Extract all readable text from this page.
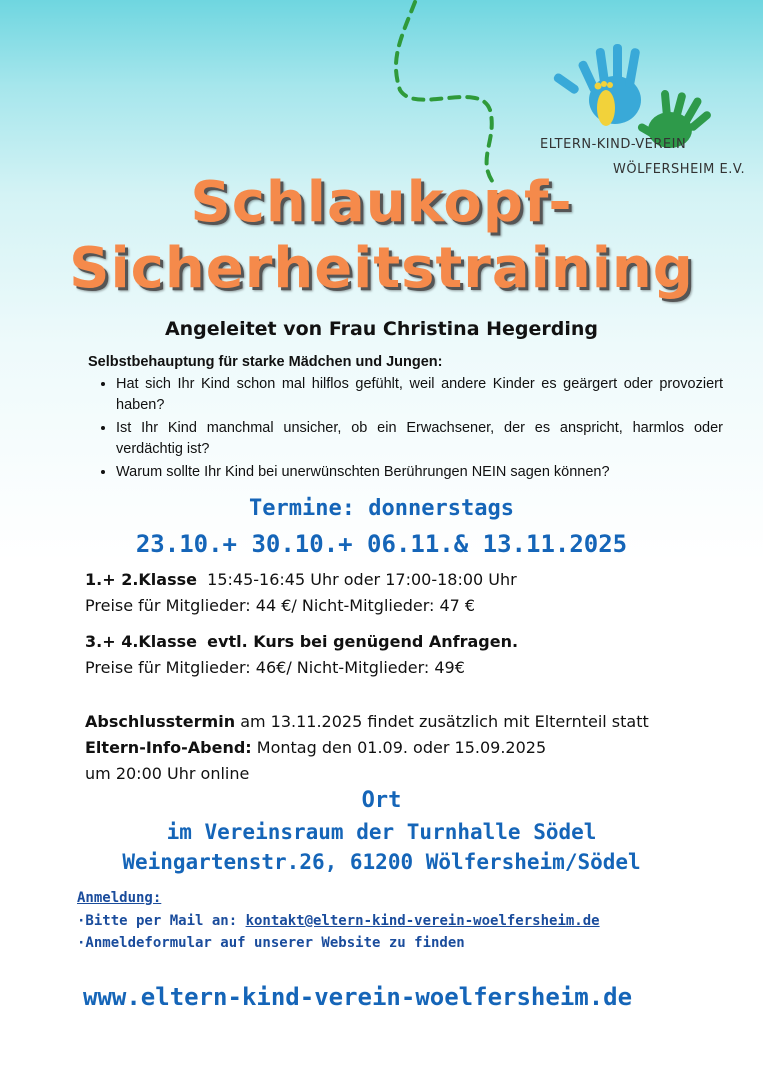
ELTERN-KIND-VEREIN
WÖLFERSHEIM E.V.
Schlaukopf-
Sicherheitstraining
Angeleitet von Frau Christina Hegerding
Selbstbehauptung für starke Mädchen und Jungen:
• Hat sich Ihr Kind schon mal hilflos gefühlt, weil andere Kinder es geärgert oder provoziert haben?
• Ist Ihr Kind manchmal unsicher, ob ein Erwachsener, der es anspricht, harmlos oder verdächtig ist?
• Warum sollte Ihr Kind bei unerwünschten Berührungen NEIN sagen können?
Termine: donnerstags
23.10.+ 30.10.+ 06.11.& 13.11.2025
1.+ 2.Klasse 15:45-16:45 Uhr oder 17:00-18:00 Uhr
Preise für Mitglieder: 44 €/ Nicht-Mitglieder: 47 €
3.+ 4.Klasse evtl. Kurs bei genügend Anfragen.
Preise für Mitglieder: 46€/ Nicht-Mitglieder: 49€
Abschlusstermin am 13.11.2025 findet zusätzlich mit Elternteil statt
Eltern-Info-Abend: Montag den 01.09. oder 15.09.2025
um 20:00 Uhr online
Ort
im Vereinsraum der Turnhalle Södel
Weingartenstr.26, 61200 Wölfersheim/Södel
Anmeldung:
·Bitte per Mail an: kontakt@eltern-kind-verein-woelfersheim.de
·Anmeldeformular auf unserer Website zu finden
www.eltern-kind-verein-woelfersheim.de
